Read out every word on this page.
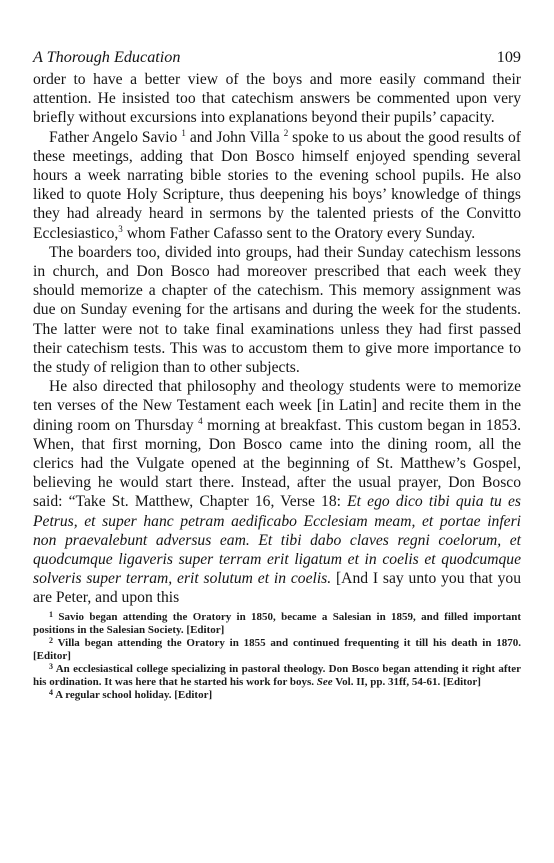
A Thorough Education	109

order to have a better view of the boys and more easily command their attention. He insisted too that catechism answers be commented upon very briefly without excursions into explanations beyond their pupils’ capacity.

Father Angelo Savio $^1$ and John Villa $^2$ spoke to us about the good results of these meetings, adding that Don Bosco himself enjoyed spending several hours a week narrating bible stories to the evening school pupils. He also liked to quote Holy Scripture, thus deepening his boys’ knowledge of things they had already heard in sermons by the talented priests of the Convitto Ecclesiastico,$^3$ whom Father Cafasso sent to the Oratory every Sunday.

The boarders too, divided into groups, had their Sunday catechism lessons in church, and Don Bosco had moreover prescribed that each week they should memorize a chapter of the catechism. This memory assignment was due on Sunday evening for the artisans and during the week for the students. The latter were not to take final examinations unless they had first passed their catechism tests. This was to accustom them to give more importance to the study of religion than to other subjects.

He also directed that philosophy and theology students were to memorize ten verses of the New Testament each week [in Latin] and recite them in the dining room on Thursday $^4$ morning at breakfast. This custom began in 1853. When, that first morning, Don Bosco came into the dining room, all the clerics had the Vulgate opened at the beginning of St. Matthew’s Gospel, believing he would start there. Instead, after the usual prayer, Don Bosco said: “Take St. Matthew, Chapter 16, Verse 18: Et ego dico tibi quia tu es Petrus, et super hanc petram aedificabo Ecclesiam meam, et portae inferi non praevalebunt adversus eam. Et tibi dabo claves regni coelorum, et quodcumque ligaveris super terram erit ligatum et in coelis et quodcumque solveris super terram, erit solutum et in coelis. [And I say unto you that you are Peter, and upon this

$^1$ Savio began attending the Oratory in 1850, became a Salesian in 1859, and filled important positions in the Salesian Society. [Editor]

$^2$ Villa began attending the Oratory in 1855 and continued frequenting it till his death in 1870. [Editor]

$^3$ An ecclesiastical college specializing in pastoral theology. Don Bosco began attending it right after his ordination. It was here that he started his work for boys. See Vol. II, pp. 31ff, 54-61. [Editor]

$^4$ A regular school holiday. [Editor]
